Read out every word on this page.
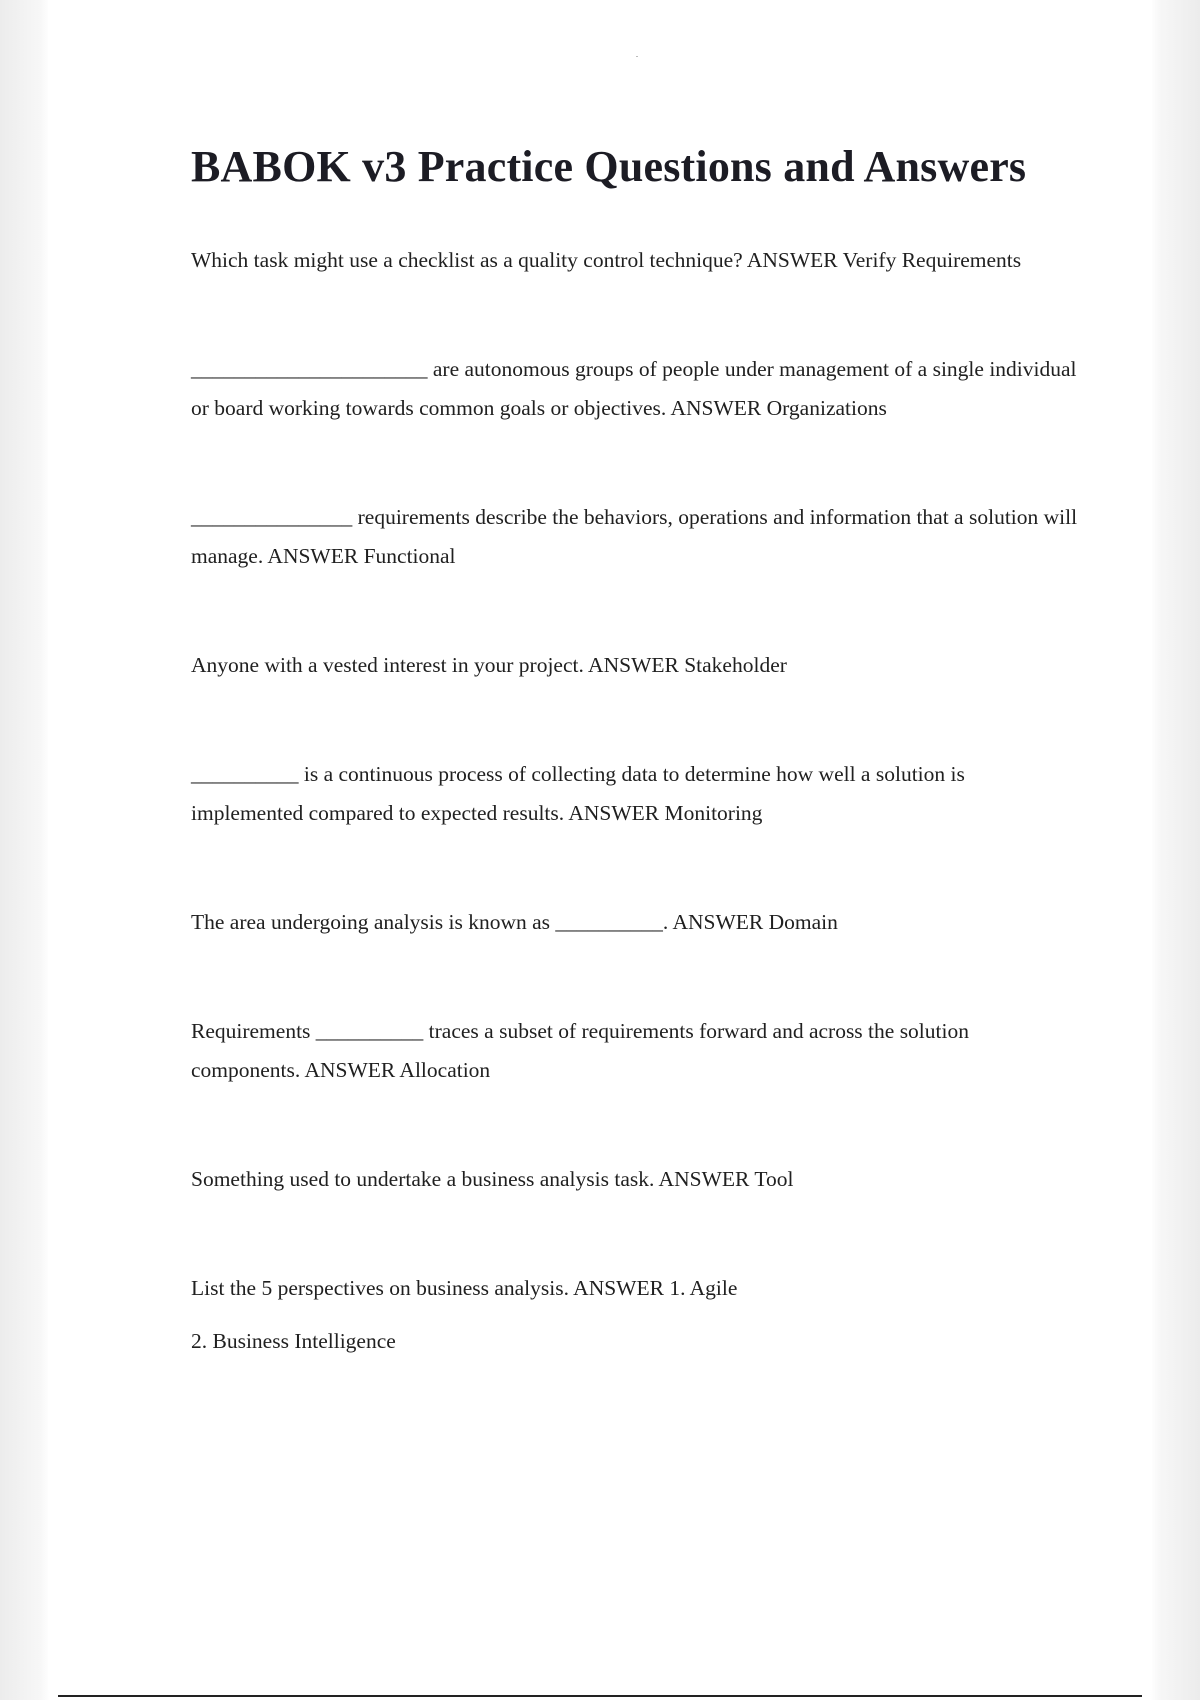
BABOK v3 Practice Questions and Answers

Which task might use a checklist as a quality control technique? ANSWER Verify Requirements

______________________ are autonomous groups of people under management of a single individual or board working towards common goals or objectives. ANSWER Organizations

_______________ requirements describe the behaviors, operations and information that a solution will manage. ANSWER Functional

Anyone with a vested interest in your project. ANSWER Stakeholder

__________ is a continuous process of collecting data to determine how well a solution is implemented compared to expected results. ANSWER Monitoring

The area undergoing analysis is known as __________. ANSWER Domain

Requirements __________ traces a subset of requirements forward and across the solution components. ANSWER Allocation

Something used to undertake a business analysis task. ANSWER Tool

List the 5 perspectives on business analysis. ANSWER 1. Agile

2. Business Intelligence
